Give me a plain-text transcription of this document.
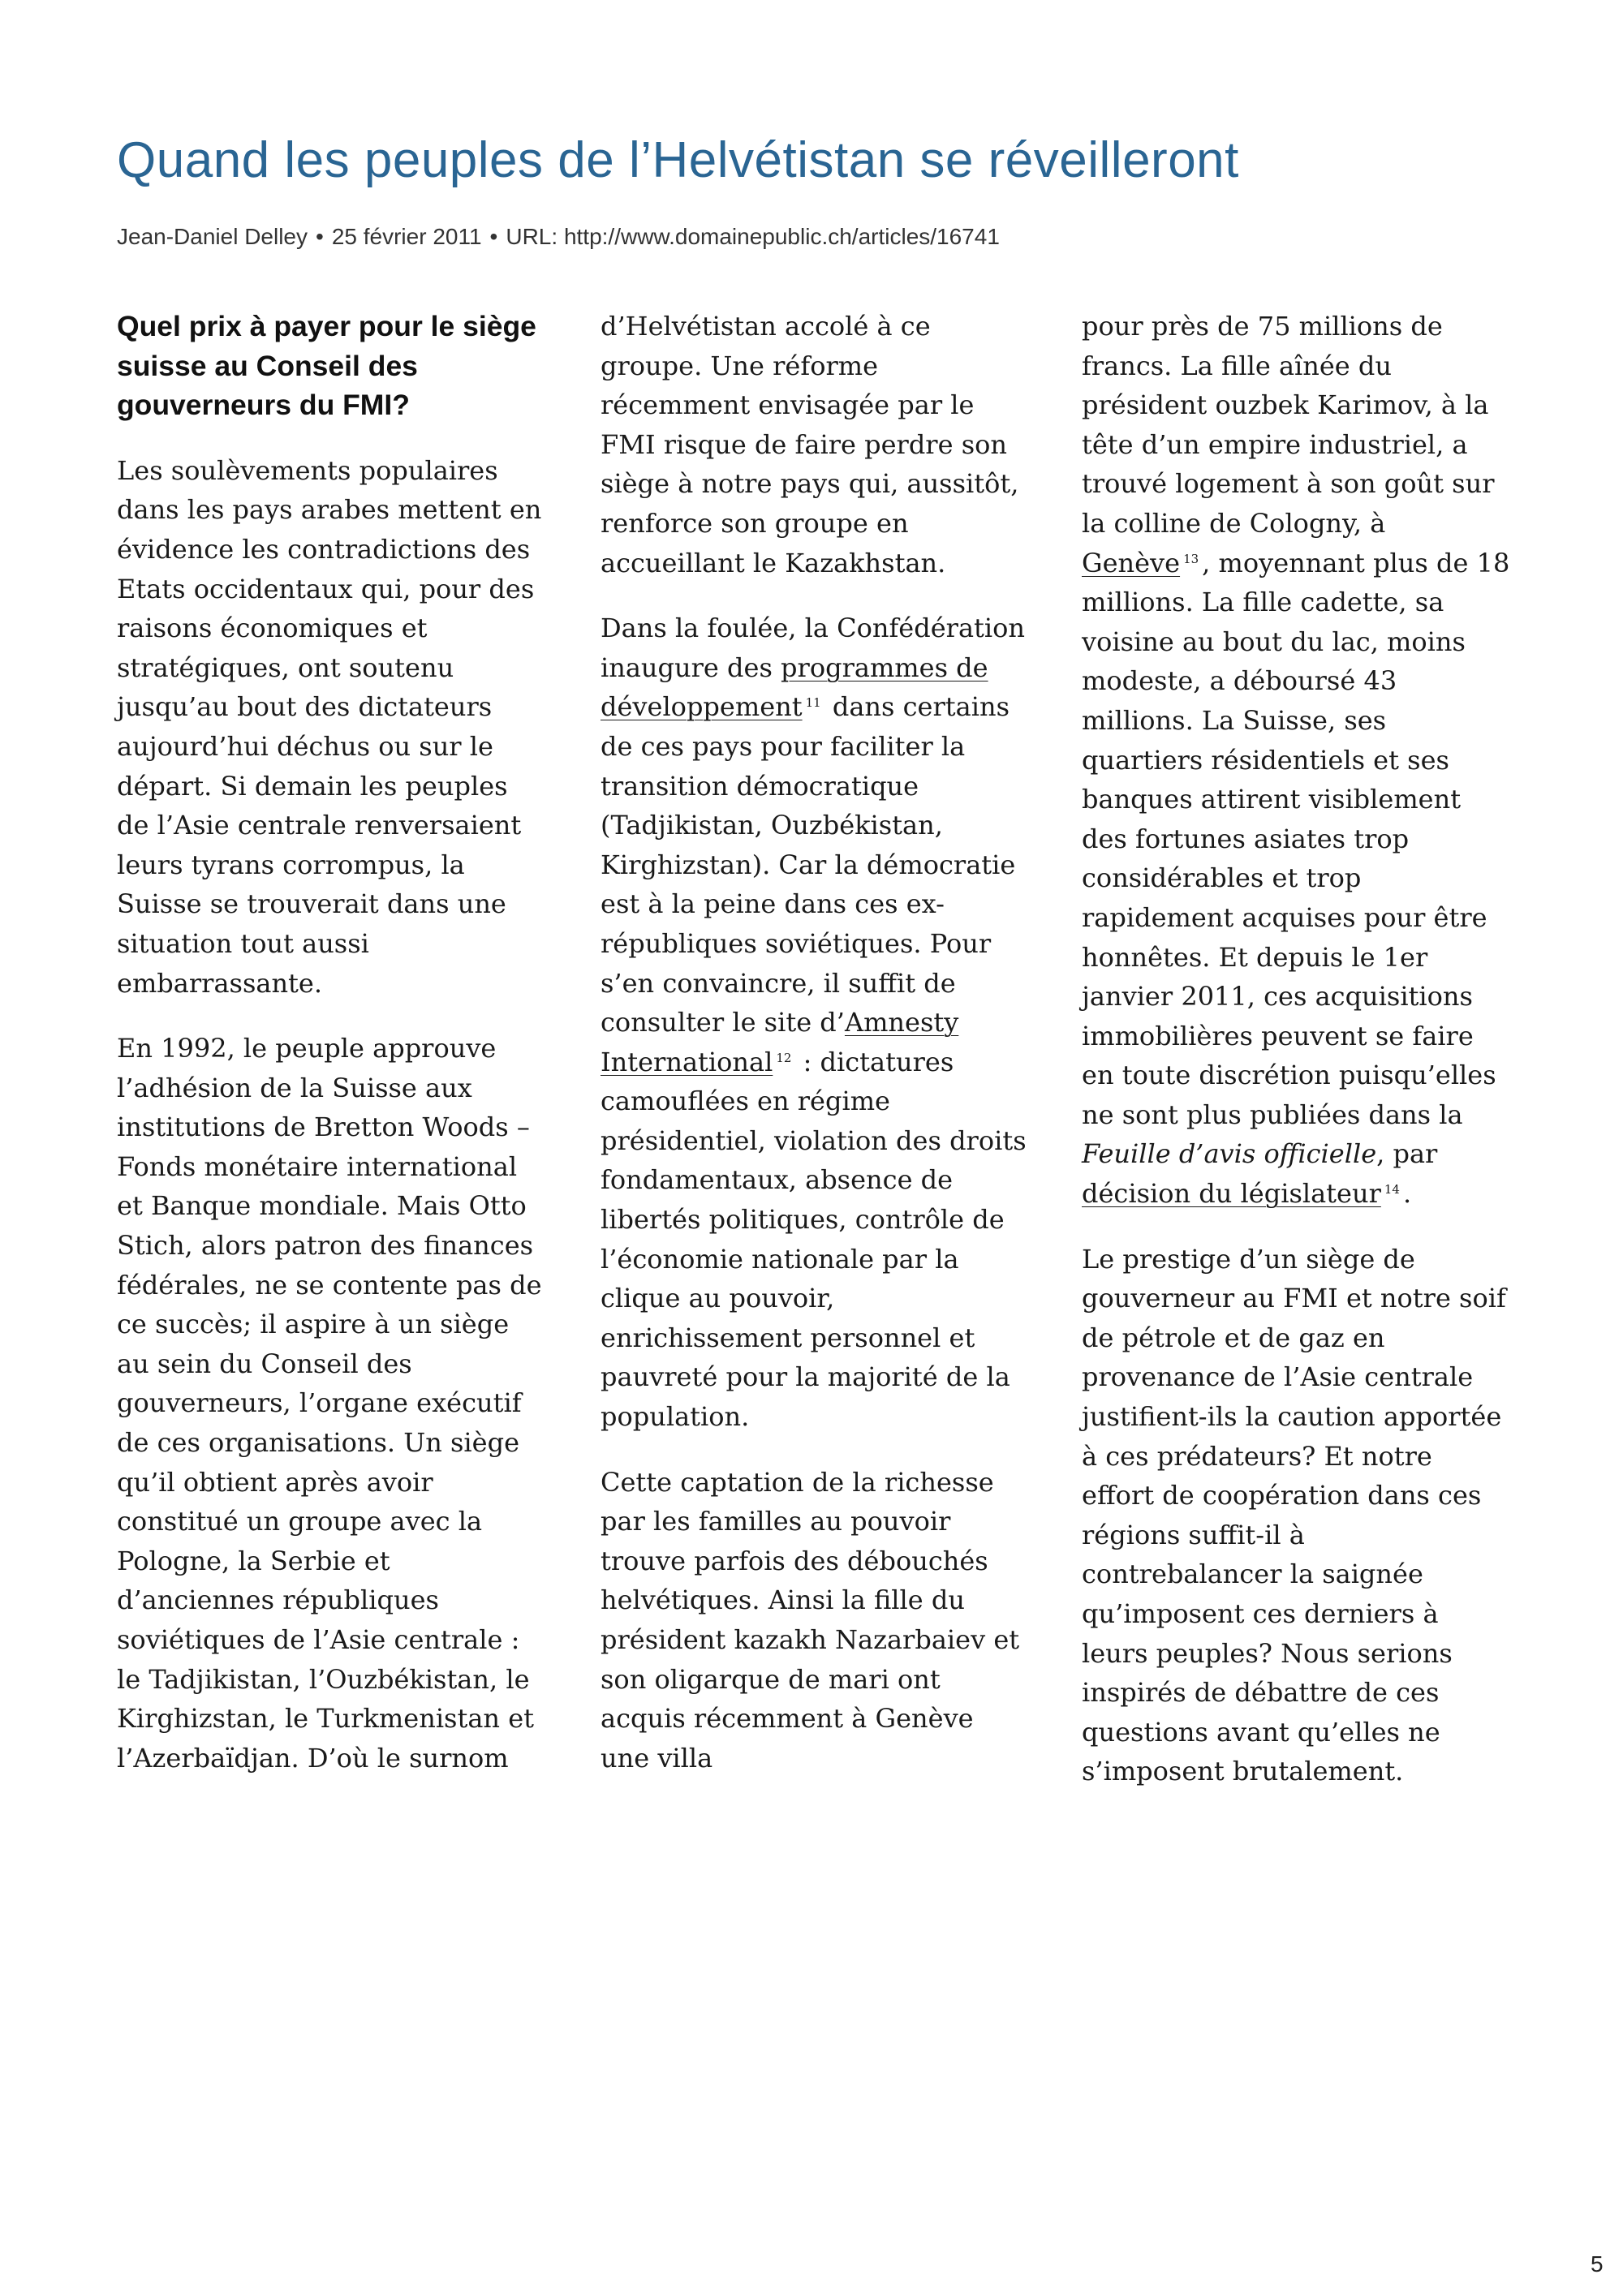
Quand les peuples de l’Helvétistan se réveilleront
Jean-Daniel Delley • 25 février 2011 • URL: http://www.domainepublic.ch/articles/16741
Quel prix à payer pour le siège suisse au Conseil des gouverneurs du FMI?

Les soulèvements populaires dans les pays arabes mettent en évidence les contradictions des Etats occidentaux qui, pour des raisons économiques et stratégiques, ont soutenu jusqu’au bout des dictateurs aujourd’hui déchus ou sur le départ. Si demain les peuples de l’Asie centrale renversaient leurs tyrans corrompus, la Suisse se trouverait dans une situation tout aussi embarrassante.

En 1992, le peuple approuve l’adhésion de la Suisse aux institutions de Bretton Woods – Fonds monétaire international et Banque mondiale. Mais Otto Stich, alors patron des finances fédérales, ne se contente pas de ce succès; il aspire à un siège au sein du Conseil des gouverneurs, l’organe exécutif de ces organisations. Un siège qu’il obtient après avoir constitué un groupe avec la Pologne, la Serbie et d’anciennes républiques soviétiques de l’Asie centrale : le Tadjikistan, l’Ouzbékistan, le Kirghizstan, le Turkmenistan et l’Azerbaïdjan. D’où le surnom

d’Helvétistan accolé à ce groupe. Une réforme récemment envisagée par le FMI risque de faire perdre son siège à notre pays qui, aussitôt, renforce son groupe en accueillant le Kazakhstan.

Dans la foulée, la Confédération inaugure des programmes de développement $^{11}$ dans certains de ces pays pour faciliter la transition démocratique (Tadjikistan, Ouzbékistan, Kirghizstan). Car la démocratie est à la peine dans ces ex-républiques soviétiques. Pour s’en convaincre, il suffit de consulter le site d’Amnesty International $^{12}$ : dictatures camouflées en régime présidentiel, violation des droits fondamentaux, absence de libertés politiques, contrôle de l’économie nationale par la clique au pouvoir, enrichissement personnel et pauvreté pour la majorité de la population.

Cette captation de la richesse par les familles au pouvoir trouve parfois des débouchés helvétiques. Ainsi la fille du président kazakh Nazarbaiev et son oligarque de mari ont acquis récemment à Genève une villa

pour près de 75 millions de francs. La fille aînée du président ouzbek Karimov, à la tête d’un empire industriel, a trouvé logement à son goût sur la colline de Cologny, à Genève $^{13}$ , moyennant plus de 18 millions. La fille cadette, sa voisine au bout du lac, moins modeste, a déboursé 43 millions. La Suisse, ses quartiers résidentiels et ses banques attirent visiblement des fortunes asiates trop considérables et trop rapidement acquises pour être honnêtes. Et depuis le 1er janvier 2011, ces acquisitions immobilières peuvent se faire en toute discrétion puisqu’elles ne sont plus publiées dans la Feuille d’avis officielle, par décision du législateur $^{14}$ .

Le prestige d’un siège de gouverneur au FMI et notre soif de pétrole et de gaz en provenance de l’Asie centrale justifient-ils la caution apportée à ces prédateurs? Et notre effort de coopération dans ces régions suffit-il à contrebalancer la saignée qu’imposent ces derniers à leurs peuples? Nous serions inspirés de débattre de ces questions avant qu’elles ne s’imposent brutalement.

5
